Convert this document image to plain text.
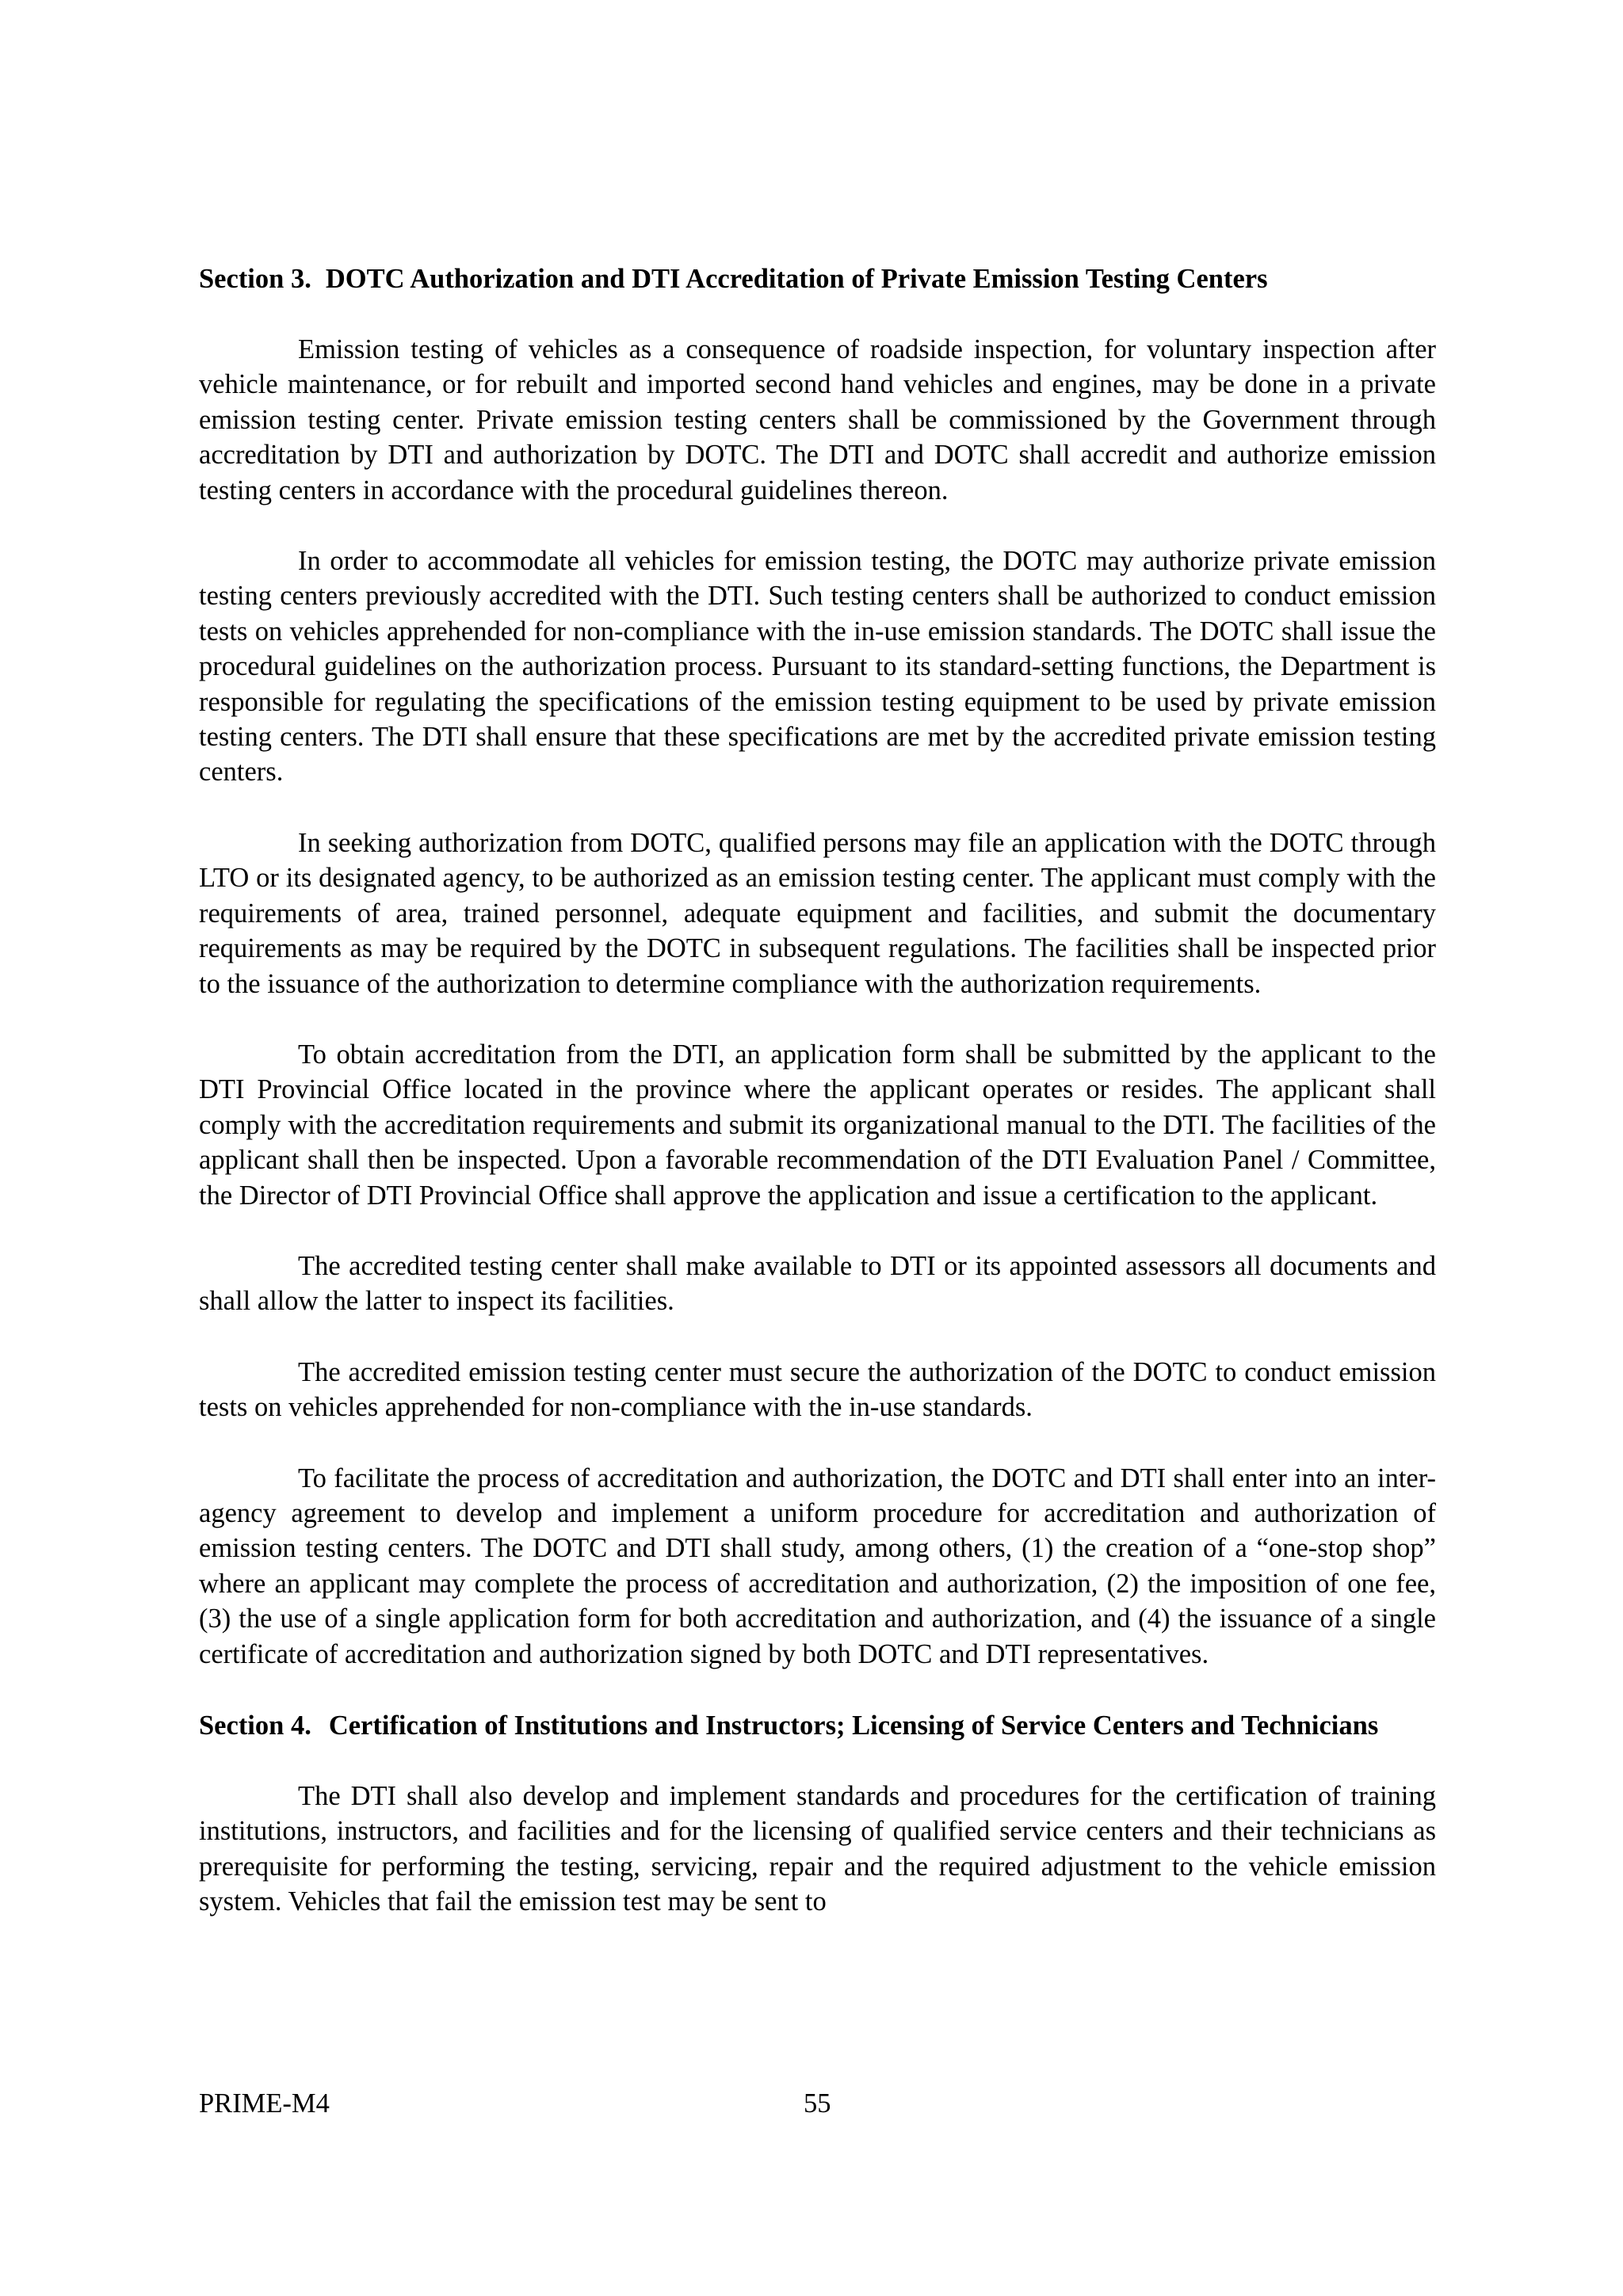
Section 3. DOTC Authorization and DTI Accreditation of Private Emission Testing Centers

Emission testing of vehicles as a consequence of roadside inspection, for voluntary inspection after vehicle maintenance, or for rebuilt and imported second hand vehicles and engines, may be done in a private emission testing center. Private emission testing centers shall be commissioned by the Government through accreditation by DTI and authorization by DOTC. The DTI and DOTC shall accredit and authorize emission testing centers in accordance with the procedural guidelines thereon.

In order to accommodate all vehicles for emission testing, the DOTC may authorize private emission testing centers previously accredited with the DTI. Such testing centers shall be authorized to conduct emission tests on vehicles apprehended for non-compliance with the in-use emission standards. The DOTC shall issue the procedural guidelines on the authorization process. Pursuant to its standard-setting functions, the Department is responsible for regulating the specifications of the emission testing equipment to be used by private emission testing centers. The DTI shall ensure that these specifications are met by the accredited private emission testing centers.

In seeking authorization from DOTC, qualified persons may file an application with the DOTC through LTO or its designated agency, to be authorized as an emission testing center. The applicant must comply with the requirements of area, trained personnel, adequate equipment and facilities, and submit the documentary requirements as may be required by the DOTC in subsequent regulations. The facilities shall be inspected prior to the issuance of the authorization to determine compliance with the authorization requirements.

To obtain accreditation from the DTI, an application form shall be submitted by the applicant to the DTI Provincial Office located in the province where the applicant operates or resides. The applicant shall comply with the accreditation requirements and submit its organizational manual to the DTI. The facilities of the applicant shall then be inspected. Upon a favorable recommendation of the DTI Evaluation Panel / Committee, the Director of DTI Provincial Office shall approve the application and issue a certification to the applicant.

The accredited testing center shall make available to DTI or its appointed assessors all documents and shall allow the latter to inspect its facilities.

The accredited emission testing center must secure the authorization of the DOTC to conduct emission tests on vehicles apprehended for non-compliance with the in-use standards.

To facilitate the process of accreditation and authorization, the DOTC and DTI shall enter into an inter-agency agreement to develop and implement a uniform procedure for accreditation and authorization of emission testing centers. The DOTC and DTI shall study, among others, (1) the creation of a “one-stop shop” where an applicant may complete the process of accreditation and authorization, (2) the imposition of one fee, (3) the use of a single application form for both accreditation and authorization, and (4) the issuance of a single certificate of accreditation and authorization signed by both DOTC and DTI representatives.

Section 4. Certification of Institutions and Instructors; Licensing of Service Centers and Technicians

The DTI shall also develop and implement standards and procedures for the certification of training institutions, instructors, and facilities and for the licensing of qualified service centers and their technicians as prerequisite for performing the testing, servicing, repair and the required adjustment to the vehicle emission system. Vehicles that fail the emission test may be sent to

PRIME-M4	55
